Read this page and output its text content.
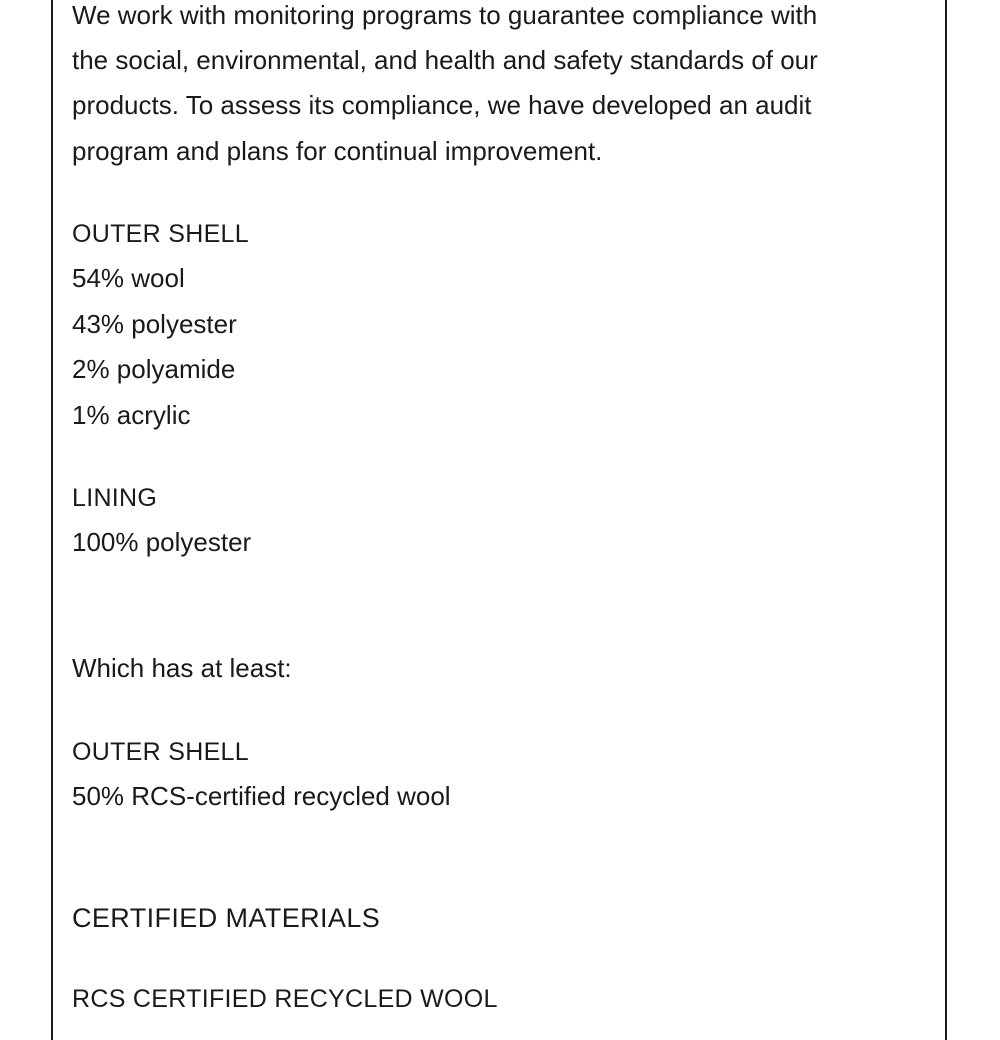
We work with monitoring programs to guarantee compliance with

the social, environmental, and health and safety standards of our

products. To assess its compliance, we have developed an audit

program and plans for continual improvement.

OUTER SHELL

54% wool

43% polyester

2% polyamide

1% acrylic

LINING

100% polyester

Which has at least:

OUTER SHELL

50% RCS-certified recycled wool

CERTIFIED MATERIALS

RCS CERTIFIED RECYCLED WOOL
